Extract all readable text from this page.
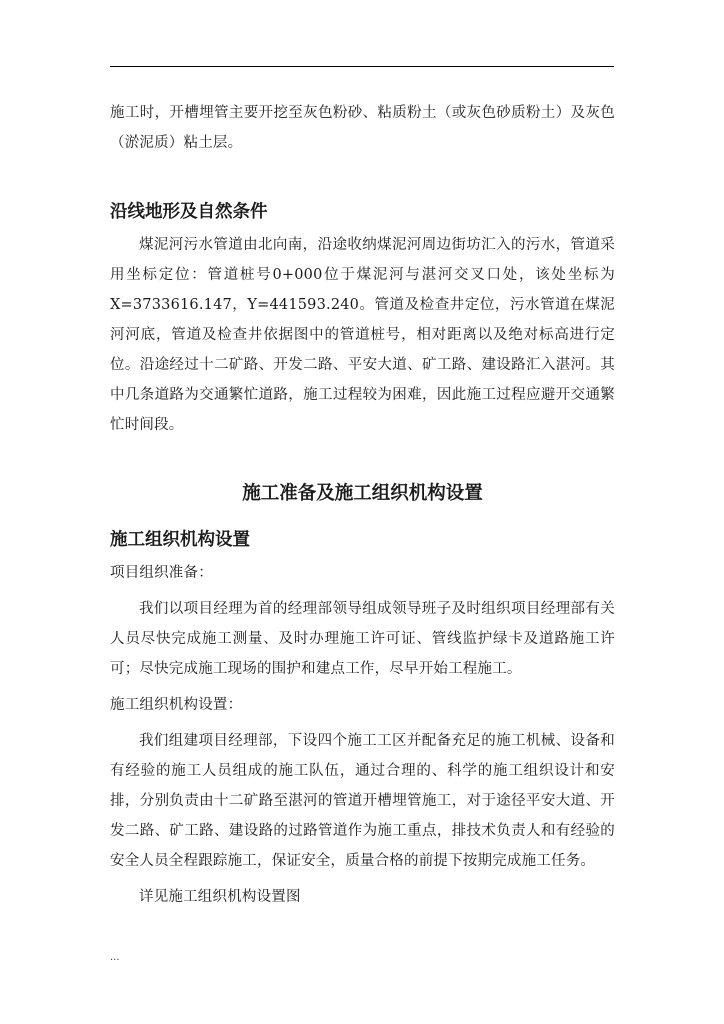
施工时，开槽埋管主要开挖至灰色粉砂、粘质粉土（或灰色砂质粉土）及灰色（淤泥质）粘土层。

沿线地形及自然条件

煤泥河污水管道由北向南，沿途收纳煤泥河周边街坊汇入的污水，管道采用坐标定位：管道桩号0+000位于煤泥河与湛河交叉口处，该处坐标为X=3733616.147，Y=441593.240。管道及检查井定位，污水管道在煤泥河河底，管道及检查井依据图中的管道桩号，相对距离以及绝对标高进行定位。沿途经过十二矿路、开发二路、平安大道、矿工路、建设路汇入湛河。其中几条道路为交通繁忙道路，施工过程较为困难，因此施工过程应避开交通繁忙时间段。

施工准备及施工组织机构设置
施工组织机构设置

项目组织准备：

我们以项目经理为首的经理部领导组成领导班子及时组织项目经理部有关人员尽快完成施工测量、及时办理施工许可证、管线监护绿卡及道路施工许可；尽快完成施工现场的围护和建点工作，尽早开始工程施工。

施工组织机构设置：

我们组建项目经理部，下设四个施工工区并配备充足的施工机械、设备和有经验的施工人员组成的施工队伍，通过合理的、科学的施工组织设计和安排，分别负责由十二矿路至湛河的管道开槽埋管施工，对于途径平安大道、开发二路、矿工路、建设路的过路管道作为施工重点，排技术负责人和有经验的安全人员全程跟踪施工，保证安全，质量合格的前提下按期完成施工任务。

详见施工组织机构设置图

...
